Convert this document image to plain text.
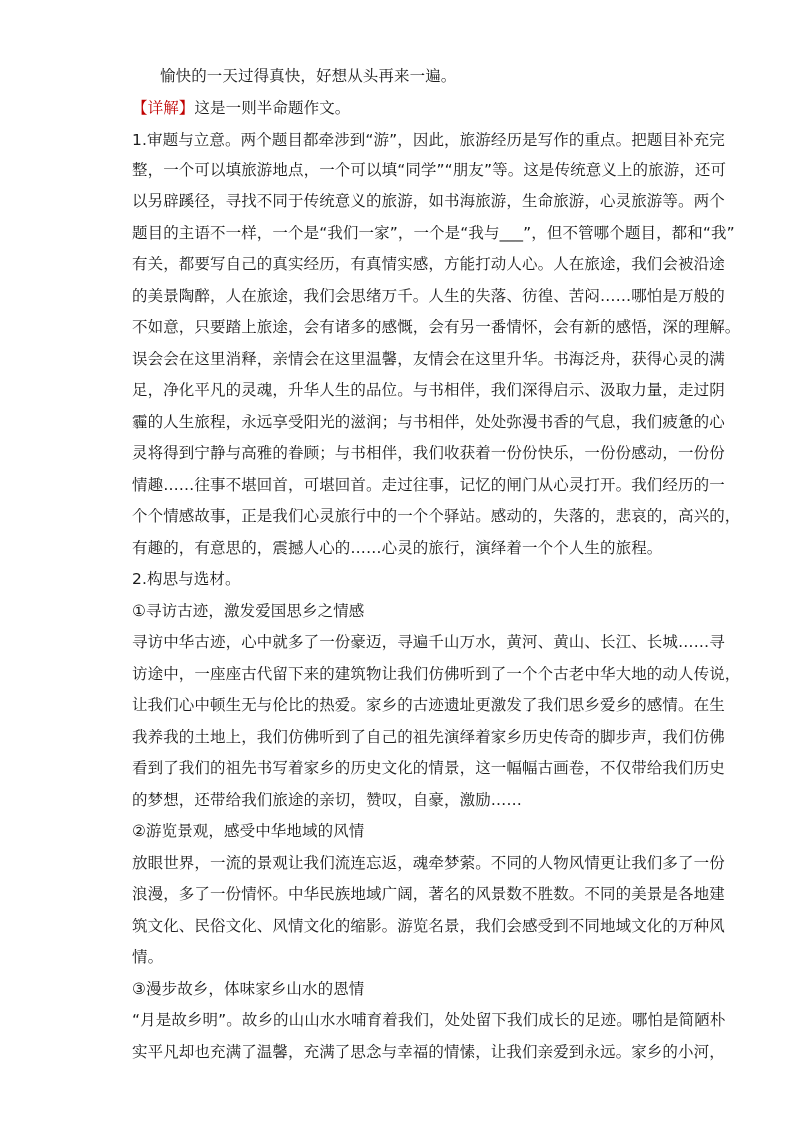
愉快的一天过得真快，好想从头再来一遍。
【详解】这是一则半命题作文。
1.审题与立意。两个题目都牵涉到“游”，因此，旅游经历是写作的重点。把题目补充完
整，一个可以填旅游地点，一个可以填“同学”“朋友”等。这是传统意义上的旅游，还可
以另辟蹊径，寻找不同于传统意义的旅游，如书海旅游，生命旅游，心灵旅游等。两个
题目的主语不一样，一个是“我们一家”，一个是“我与___”，但不管哪个题目，都和“我”
有关，都要写自己的真实经历，有真情实感，方能打动人心。人在旅途，我们会被沿途
的美景陶醉，人在旅途，我们会思绪万千。人生的失落、彷徨、苦闷……哪怕是万般的
不如意，只要踏上旅途，会有诸多的感慨，会有另一番情怀，会有新的感悟，深的理解。
误会会在这里消释，亲情会在这里温馨，友情会在这里升华。书海泛舟，获得心灵的满
足，净化平凡的灵魂，升华人生的品位。与书相伴，我们深得启示、汲取力量，走过阴
霾的人生旅程，永远享受阳光的滋润；与书相伴，处处弥漫书香的气息，我们疲惫的心
灵将得到宁静与高雅的眷顾；与书相伴，我们收获着一份份快乐，一份份感动，一份份
情趣……往事不堪回首，可堪回首。走过往事，记忆的闸门从心灵打开。我们经历的一
个个情感故事，正是我们心灵旅行中的一个个驿站。感动的，失落的，悲哀的，高兴的，
有趣的，有意思的，震撼人心的……心灵的旅行，演绎着一个个人生的旅程。
2.构思与选材。
①寻访古迹，激发爱国思乡之情感
寻访中华古迹，心中就多了一份豪迈，寻遍千山万水，黄河、黄山、长江、长城……寻
访途中，一座座古代留下来的建筑物让我们仿佛听到了一个个古老中华大地的动人传说，
让我们心中顿生无与伦比的热爱。家乡的古迹遗址更激发了我们思乡爱乡的感情。在生
我养我的土地上，我们仿佛听到了自己的祖先演绎着家乡历史传奇的脚步声，我们仿佛
看到了我们的祖先书写着家乡的历史文化的情景，这一幅幅古画卷，不仅带给我们历史
的梦想，还带给我们旅途的亲切，赞叹，自豪，激励……
②游览景观，感受中华地域的风情
放眼世界，一流的景观让我们流连忘返，魂牵梦萦。不同的人物风情更让我们多了一份
浪漫，多了一份情怀。中华民族地域广阔，著名的风景数不胜数。不同的美景是各地建
筑文化、民俗文化、风情文化的缩影。游览名景，我们会感受到不同地域文化的万种风
情。
③漫步故乡，体味家乡山水的恩情
“月是故乡明”。故乡的山山水水哺育着我们，处处留下我们成长的足迹。哪怕是简陋朴
实平凡却也充满了温馨，充满了思念与幸福的情愫，让我们亲爱到永远。家乡的小河，
